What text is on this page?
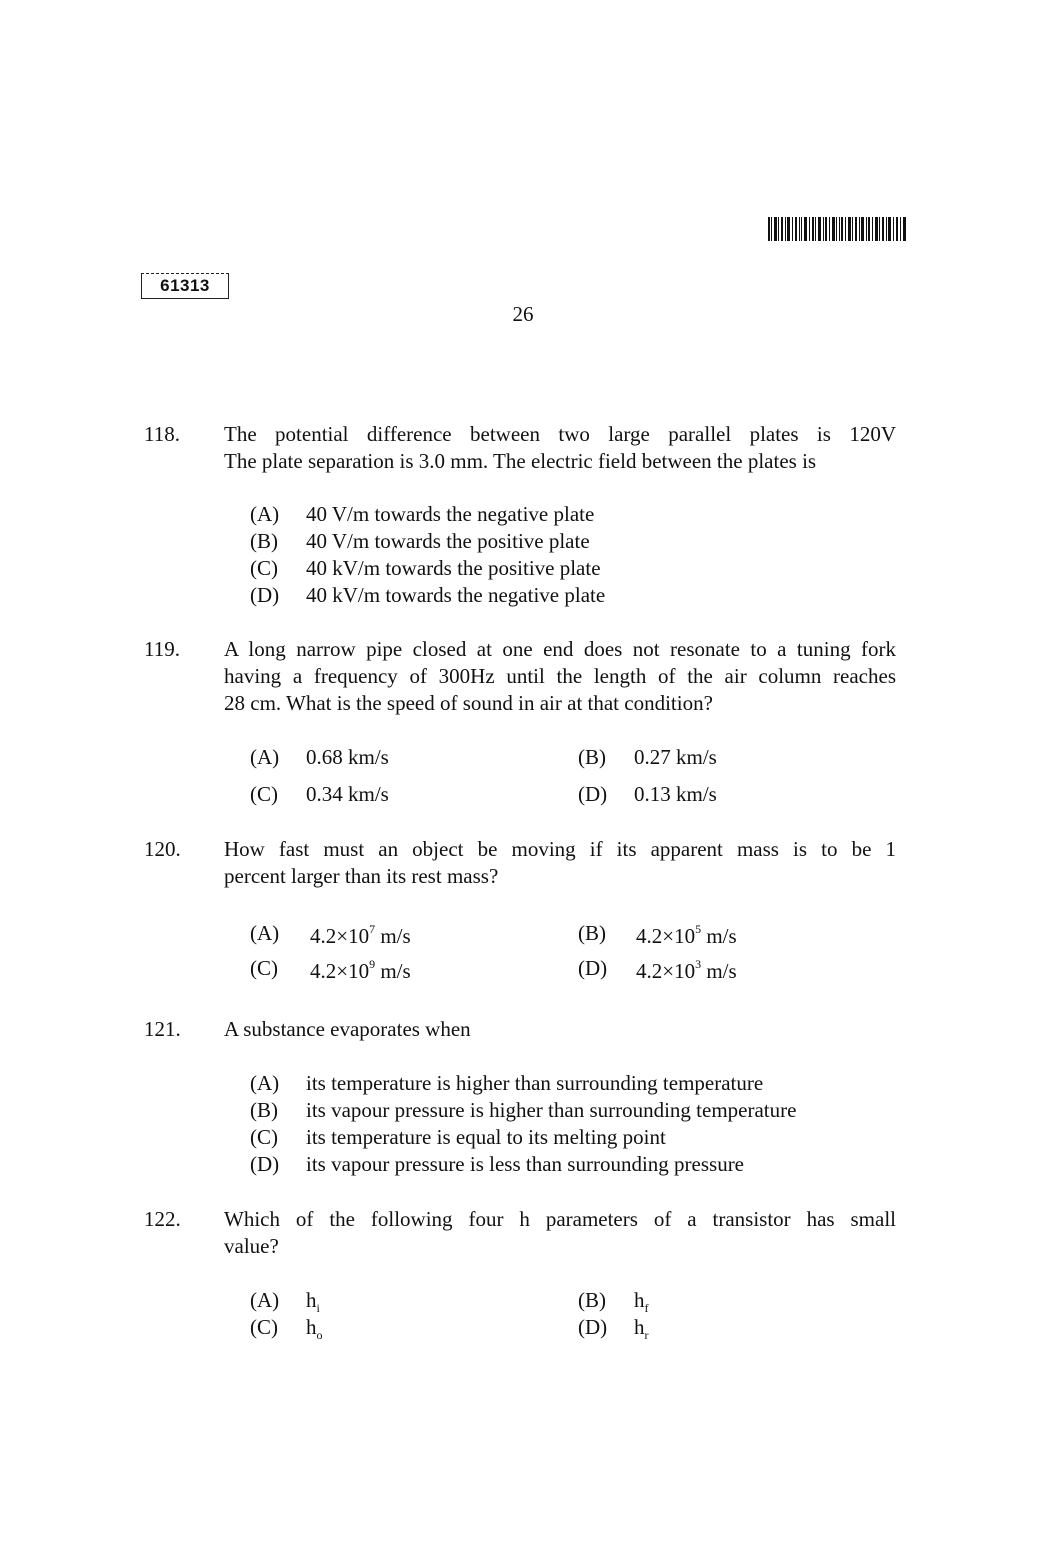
61313
26
118.	The potential difference between two large parallel plates is 120V
The plate separation is 3.0 mm. The electric field between the plates is
(A)	40 V/m towards the negative plate
(B)	40 V/m towards the positive plate
(C)	40 kV/m towards the positive plate
(D)	40 kV/m towards the negative plate
119.	A long narrow pipe closed at one end does not resonate to a tuning fork
having a frequency of 300Hz until the length of the air column reaches
28 cm. What is the speed of sound in air at that condition?
(A)	0.68 km/s	(B)	0.27 km/s
(C)	0.34 km/s	(D)	0.13 km/s
120.	How fast must an object be moving if its apparent mass is to be 1
percent larger than its rest mass?
(A)	$4.2\times 10^7$ m/s	(B)	$4.2\times 10^5$ m/s
(C)	$4.2\times 10^9$ m/s	(D)	$4.2\times 10^3$ m/s
121.	A substance evaporates when
(A)	its temperature is higher than surrounding temperature
(B)	its vapour pressure is higher than surrounding temperature
(C)	its temperature is equal to its melting point
(D)	its vapour pressure is less than surrounding pressure
122.	Which of the following four h parameters of a transistor has small
value?
(A)	$h_i$	(B)	$h_f$
(C)	$h_o$	(D)	$h_r$
